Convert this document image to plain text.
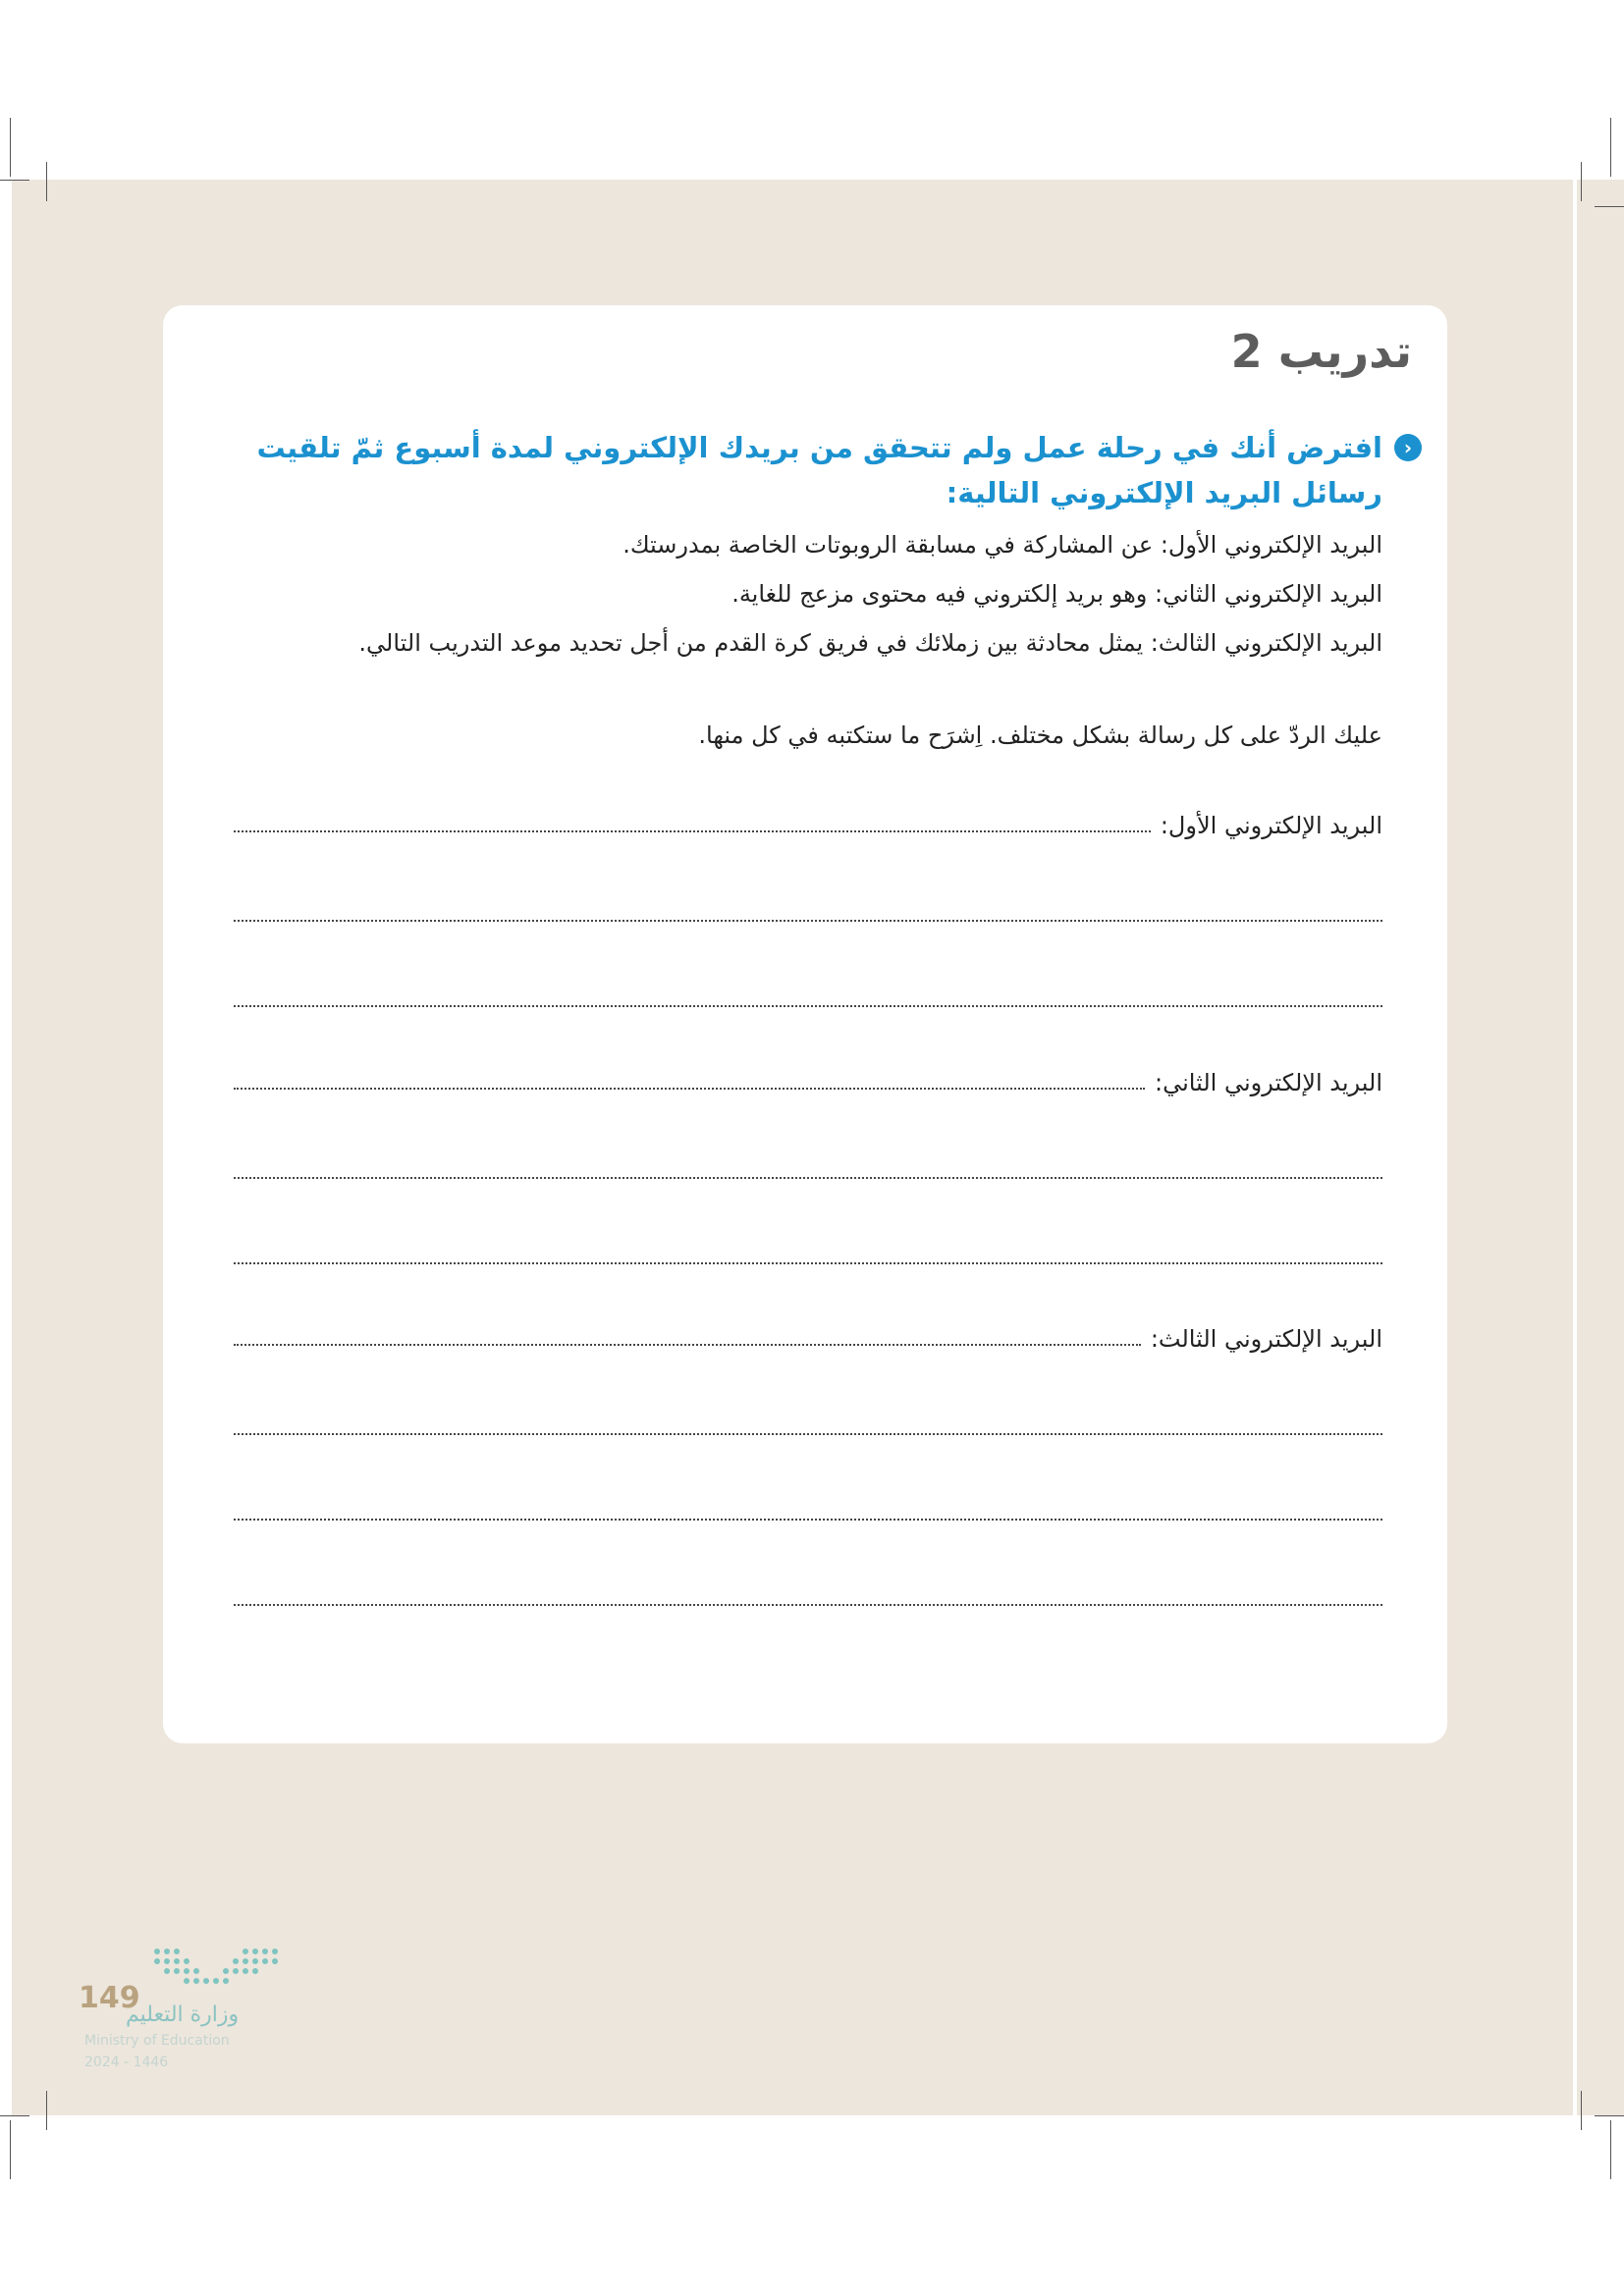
تدريب 2
‹
افترض أنك في رحلة عمل ولم تتحقق من بريدك الإلكتروني لمدة أسبوع ثمّ تلقيت رسائل البريد الإلكتروني التالية:

البريد الإلكتروني الأول: عن المشاركة في مسابقة الروبوتات الخاصة بمدرستك.

البريد الإلكتروني الثاني: وهو بريد إلكتروني فيه محتوى مزعج للغاية.

البريد الإلكتروني الثالث: يمثل محادثة بين زملائك في فريق كرة القدم من أجل تحديد موعد التدريب التالي.

عليك الردّ على كل رسالة بشكل مختلف. اِشرَح ما ستكتبه في كل منها.

البريد الإلكتروني الأول:
البريد الإلكتروني الثاني:
البريد الإلكتروني الثالث:
149
وزارة التعليم
Ministry of Education
2024 - 1446
